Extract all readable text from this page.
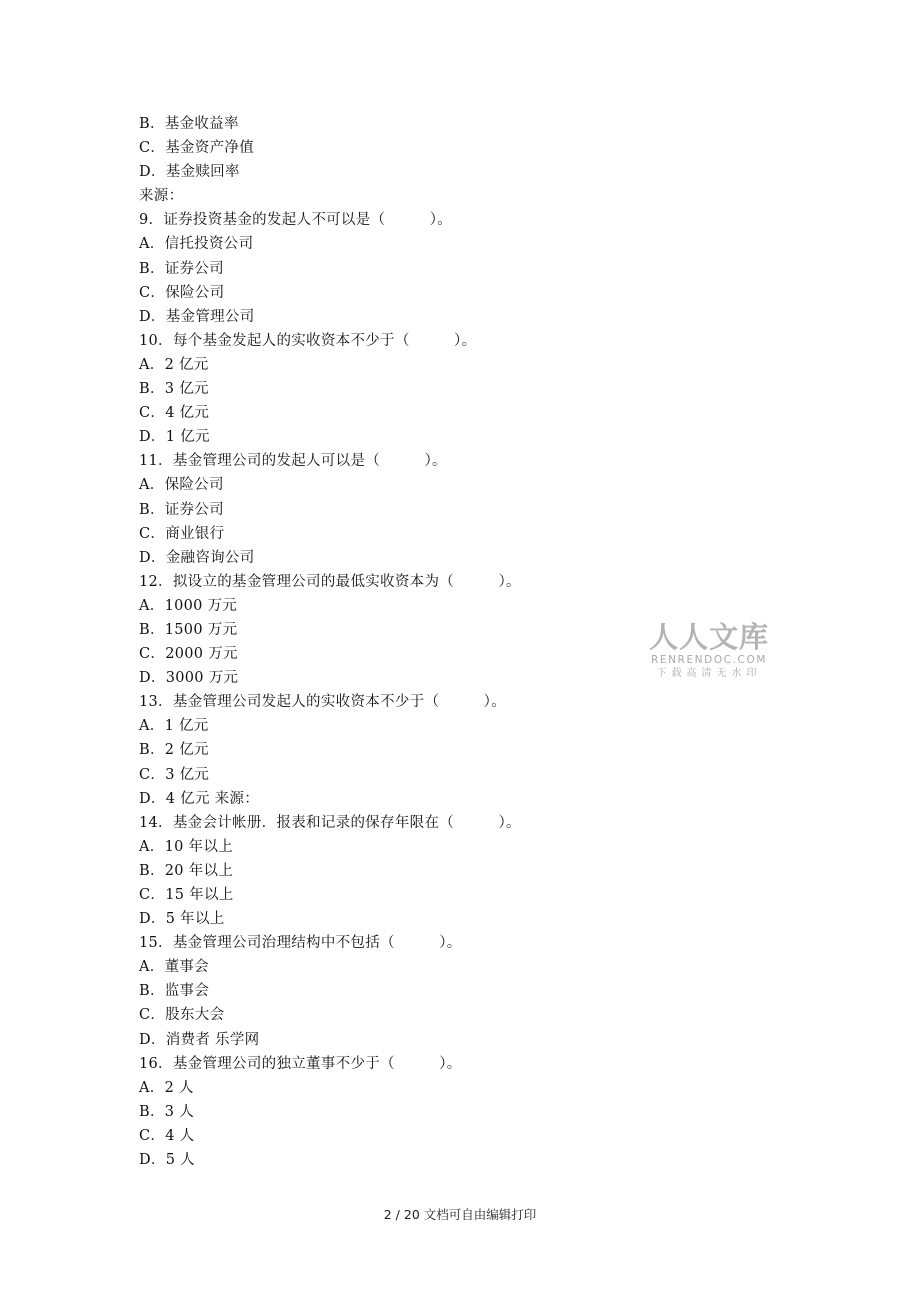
B．基金收益率
C．基金资产净值
D．基金赎回率
来源：
9．证券投资基金的发起人不可以是（　　　）。
A．信托投资公司
B．证券公司
C．保险公司
D．基金管理公司
10．每个基金发起人的实收资本不少于（　　　）。
A．2 亿元
B．3 亿元
C．4 亿元
D．1 亿元
11．基金管理公司的发起人可以是（　　　）。
A．保险公司
B．证券公司
C．商业银行
D．金融咨询公司
12．拟设立的基金管理公司的最低实收资本为（　　　）。
A．1000 万元
B．1500 万元
C．2000 万元
D．3000 万元
13．基金管理公司发起人的实收资本不少于（　　　）。
A．1 亿元
B．2 亿元
C．3 亿元
D．4 亿元 来源：
14．基金会计帐册．报表和记录的保存年限在（　　　）。
A．10 年以上
B．20 年以上
C．15 年以上
D．5 年以上
15．基金管理公司治理结构中不包括（　　　）。
A．董事会
B．监事会
C．股东大会
D．消费者 乐学网
16．基金管理公司的独立董事不少于（　　　）。
A．2 人
B．3 人
C．4 人
D．5 人
人人文库
RENRENDOC.COM
下载高清无水印
2 / 20 文档可自由编辑打印
